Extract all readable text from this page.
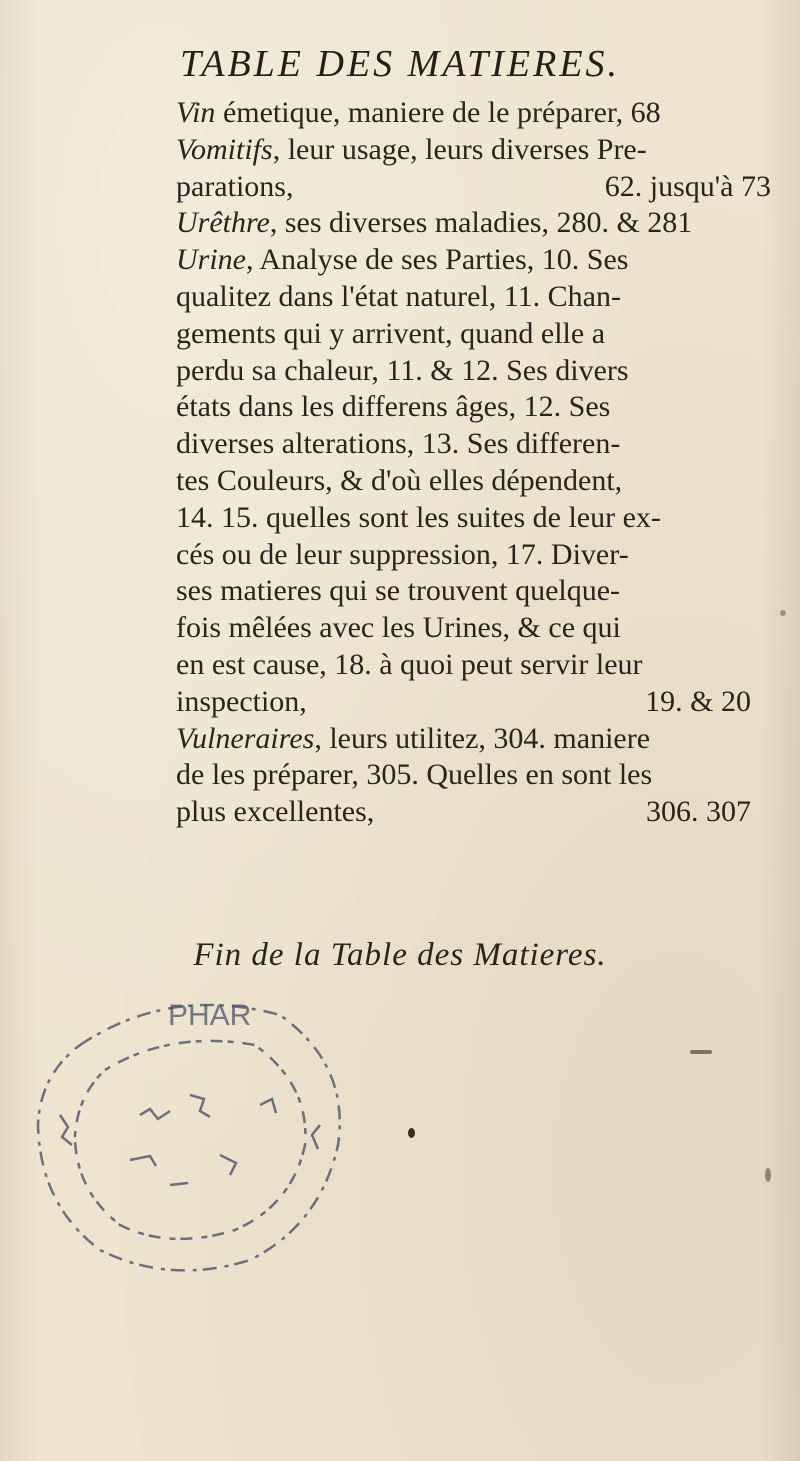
TABLE DES MATIERES.
Vin émetique, maniere de le préparer, 68
Vomitifs, leur usage, leurs diverses Pre-
parations,	62. jusqu'à 73
Urêthre, ses diverses maladies, 280. & 281
Urine, Analyse de ses Parties, 10. Ses
qualitez dans l'état naturel, 11. Chan-
gements qui y arrivent, quand elle a
perdu sa chaleur, 11. & 12. Ses divers
états dans les differens âges, 12. Ses
diverses alterations, 13. Ses differen-
tes Couleurs, & d'où elles dépendent,
14. 15. quelles sont les suites de leur ex-
cés ou de leur suppression, 17. Diver-
ses matieres qui se trouvent quelque-
fois mêlées avec les Urines, & ce qui
en est cause, 18. à quoi peut servir leur
inspection,	19. & 20
Vulneraires, leurs utilitez, 304. maniere
de les préparer, 305. Quelles en sont les
plus excellentes,	306. 307
Fin de la Table des Matieres.
PHAR
